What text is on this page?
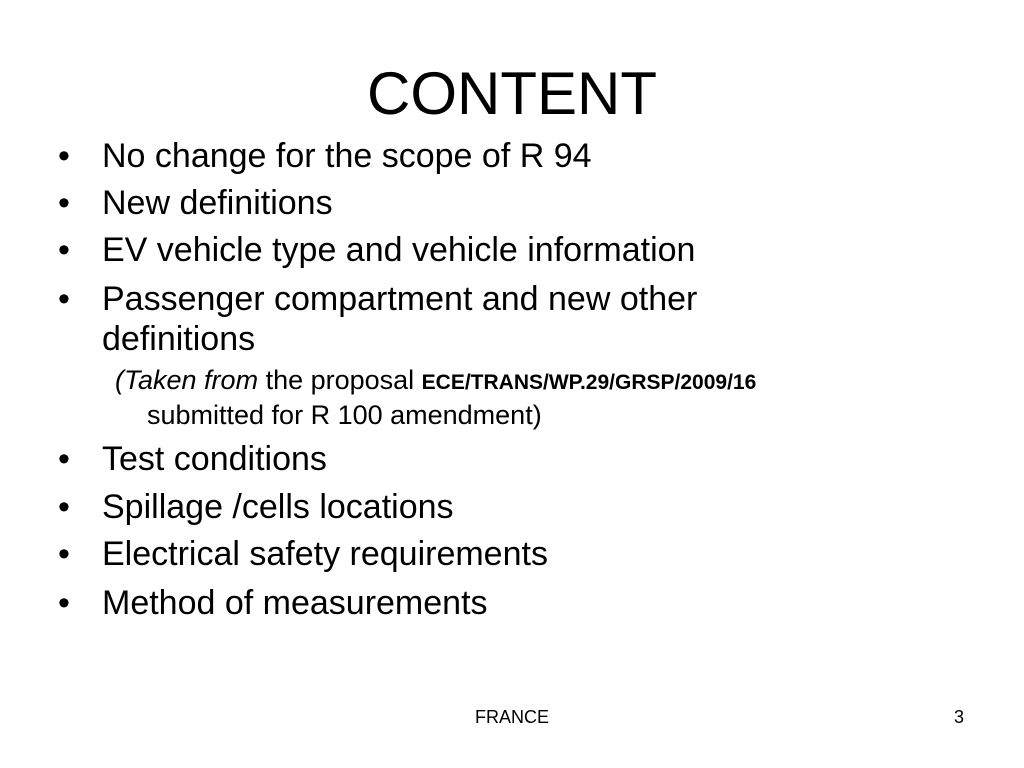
CONTENT
• No change for the scope of R 94
• New definitions
• EV vehicle type and vehicle information
• Passenger compartment and new other
definitions
(Taken from the proposal ECE/TRANS/WP.29/GRSP/2009/16
submitted for R 100 amendment)
• Test conditions
• Spillage /cells locations
• Electrical safety requirements
• Method of measurements
FRANCE	3
